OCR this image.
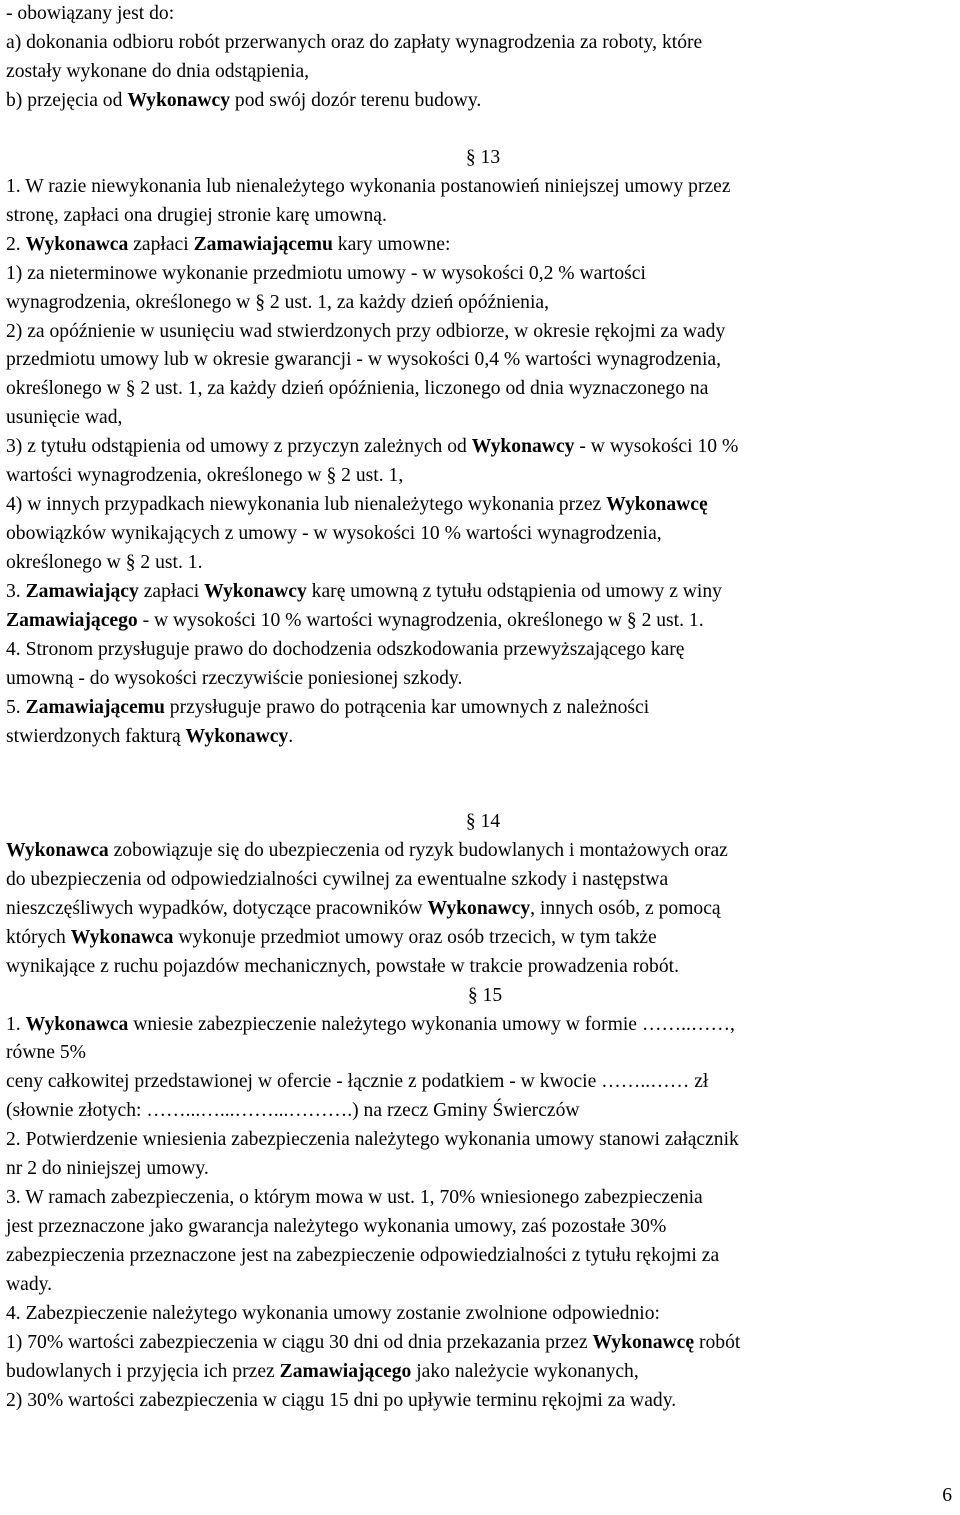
- obowiązany jest do:
a) dokonania odbioru robót przerwanych oraz do zapłaty wynagrodzenia za roboty, które
zostały wykonane do dnia odstąpienia,
b) przejęcia od Wykonawcy pod swój dozór terenu budowy.
§ 13
1. W razie niewykonania lub nienależytego wykonania postanowień niniejszej umowy przez
stronę, zapłaci ona drugiej stronie karę umowną.
2. Wykonawca zapłaci Zamawiającemu kary umowne:
1) za nieterminowe wykonanie przedmiotu umowy - w wysokości 0,2 % wartości
wynagrodzenia, określonego w § 2 ust. 1, za każdy dzień opóźnienia,
2) za opóźnienie w usunięciu wad stwierdzonych przy odbiorze, w okresie rękojmi za wady
przedmiotu umowy lub w okresie gwarancji - w wysokości 0,4 % wartości wynagrodzenia,
określonego w § 2 ust. 1, za każdy dzień opóźnienia, liczonego od dnia wyznaczonego na
usunięcie wad,
3) z tytułu odstąpienia od umowy z przyczyn zależnych od Wykonawcy - w wysokości 10 %
wartości wynagrodzenia, określonego w § 2 ust. 1,
4) w innych przypadkach niewykonania lub nienależytego wykonania przez Wykonawcę
obowiązków wynikających z umowy - w wysokości 10 % wartości wynagrodzenia,
określonego w § 2 ust. 1.
3. Zamawiający zapłaci Wykonawcy karę umowną z tytułu odstąpienia od umowy z winy
Zamawiającego - w wysokości 10 % wartości wynagrodzenia, określonego w § 2 ust. 1.
4. Stronom przysługuje prawo do dochodzenia odszkodowania przewyższającego karę
umowną - do wysokości rzeczywiście poniesionej szkody.
5. Zamawiającemu przysługuje prawo do potrącenia kar umownych z należności
stwierdzonych fakturą Wykonawcy.
§ 14
Wykonawca zobowiązuje się do ubezpieczenia od ryzyk budowlanych i montażowych oraz
do ubezpieczenia od odpowiedzialności cywilnej za ewentualne szkody i następstwa
nieszczęśliwych wypadków, dotyczące pracowników Wykonawcy, innych osób, z pomocą
których Wykonawca wykonuje przedmiot umowy oraz osób trzecich, w tym także
wynikające z ruchu pojazdów mechanicznych, powstałe w trakcie prowadzenia robót.
§ 15
1. Wykonawca wniesie zabezpieczenie należytego wykonania umowy w formie ……..……,
równe 5%
ceny całkowitej przedstawionej w ofercie - łącznie z podatkiem - w kwocie ……..…… zł
(słownie złotych: ……...…...……...……….) na rzecz Gminy Świerczów
2. Potwierdzenie wniesienia zabezpieczenia należytego wykonania umowy stanowi załącznik
nr 2 do niniejszej umowy.
3. W ramach zabezpieczenia, o którym mowa w ust. 1, 70% wniesionego zabezpieczenia
jest przeznaczone jako gwarancja należytego wykonania umowy, zaś pozostałe 30%
zabezpieczenia przeznaczone jest na zabezpieczenie odpowiedzialności z tytułu rękojmi za
wady.
4. Zabezpieczenie należytego wykonania umowy zostanie zwolnione odpowiednio:
1) 70% wartości zabezpieczenia w ciągu 30 dni od dnia przekazania przez Wykonawcę robót
budowlanych i przyjęcia ich przez Zamawiającego jako należycie wykonanych,
2) 30% wartości zabezpieczenia w ciągu 15 dni po upływie terminu rękojmi za wady.
6
